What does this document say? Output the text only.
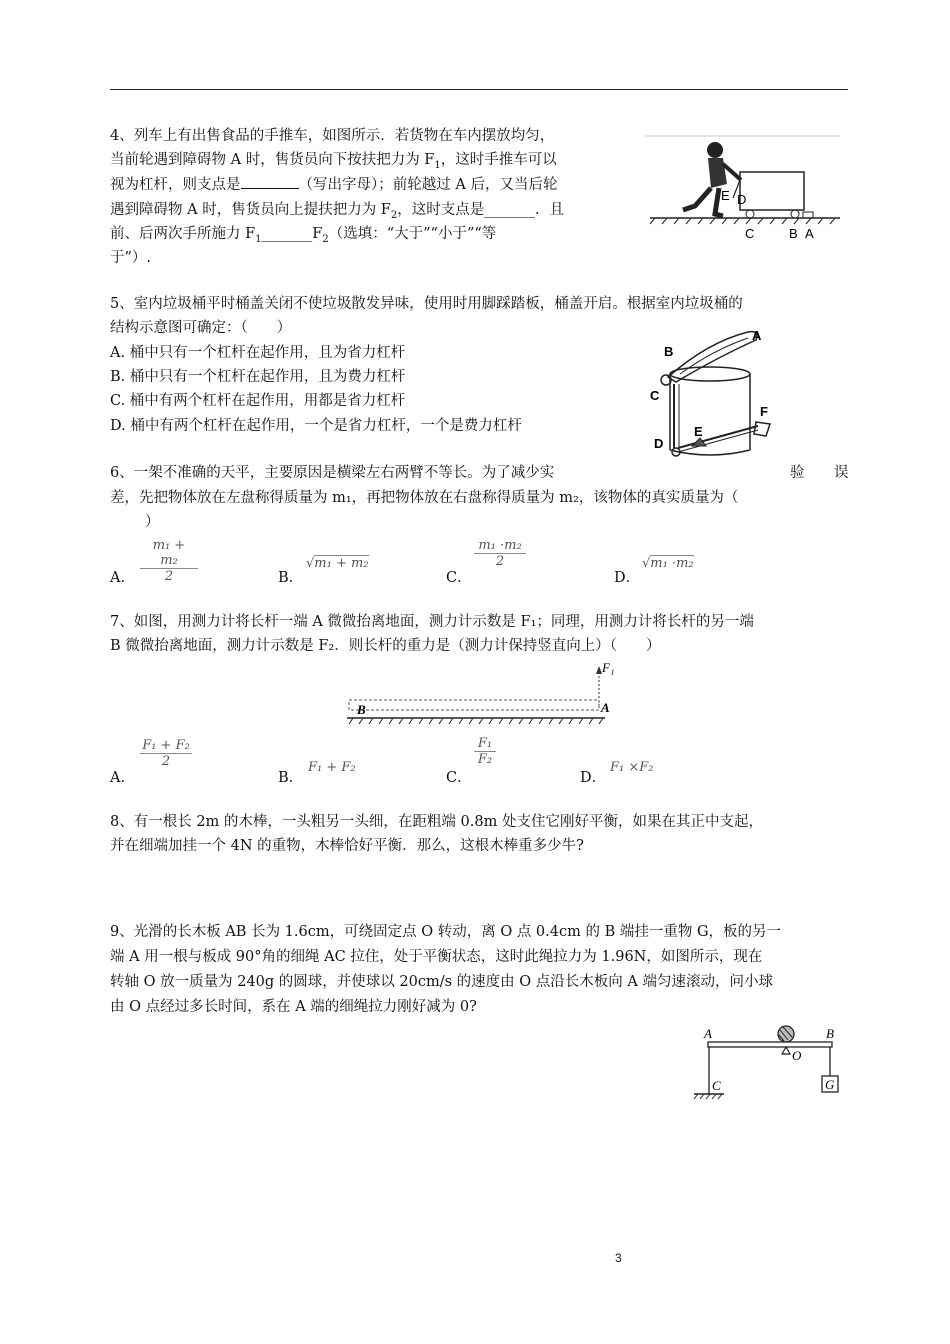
4、列车上有出售食品的手推车，如图所示．若货物在车内摆放均匀，

当前轮遇到障碍物 A 时，售货员向下按扶把力为 $F_1$，这时手推车可以

视为杠杆，则支点是	（写出字母）；前轮越过 A 后，又当后轮

遇到障碍物 A 时，售货员向上提扶把力为 $F_2$，这时支点是_______．且

前、后两次手所施力 $F_1\_\_\_\_\_\_\_F_2$（选填：“大于”“小于”“等

于”）.

E D
C	B A

5、室内垃圾桶平时桶盖关闭不使垃圾散发异味，使用时用脚踩踏板，桶盖开启。根据室内垃圾桶的

结构示意图可确定：（　　）

A. 桶中只有一个杠杆在起作用，且为省力杠杆

B. 桶中只有一个杠杆在起作用，且为费力杠杆

C. 桶中有两个杠杆在起作用，用都是省力杠杆

D. 桶中有两个杠杆在起作用，一个是省力杠杆，一个是费力杠杆

A
B
C
D
E
F

6、一架不准确的天平，主要原因是横梁左右两臂不等长。为了减少实	验 误

差，先把物体放在左盘称得质量为 m₁，再把物体放在右盘称得质量为 m₂，该物体的真实质量为（

）

A． $\frac{\text{m₁ + m₂}}{2}$	B．
√m₁ + m₂
C．
$\frac{\text{m₁ ·m₂}}{2}$
D．
√m₁ ·m₂

7、如图，用测力计将长杆一端 A 微微抬离地面，测力计示数是 F₁；同理，用测力计将长杆的另一端

B 微微抬离地面，测力计示数是 F₂．则长杆的重力是（测力计保持竖直向上）（　　）

F₁
B	A
A．
$\frac{\text{F₁ + F₂}}{2}$
B．
F₁ + F₂
C．
$\frac{\text{F₁}}{\text{F₂}}$
D．
F₁ ×F₂

8、有一根长 2m 的木棒，一头粗另一头细，在距粗端 0.8m 处支住它刚好平衡，如果在其正中支起，

并在细端加挂一个 4N 的重物，木棒恰好平衡．那么，这根木棒重多少牛?

9、光滑的长木板 AB 长为 1.6cm，可绕固定点 O 转动，离 O 点 0.4cm 的 B 端挂一重物 G，板的另一

端 A 用一根与板成 90°角的细绳 AC 拉住，处于平衡状态，这时此绳拉力为 1.96N，如图所示，现在

转轴 O 放一质量为 240g 的圆球，并使球以 20cm/s 的速度由 O 点沿长木板向 A 端匀速滚动，问小球

由 O 点经过多长时间，系在 A 端的细绳拉力刚好减为 0?

G
A	B
O
C
3
